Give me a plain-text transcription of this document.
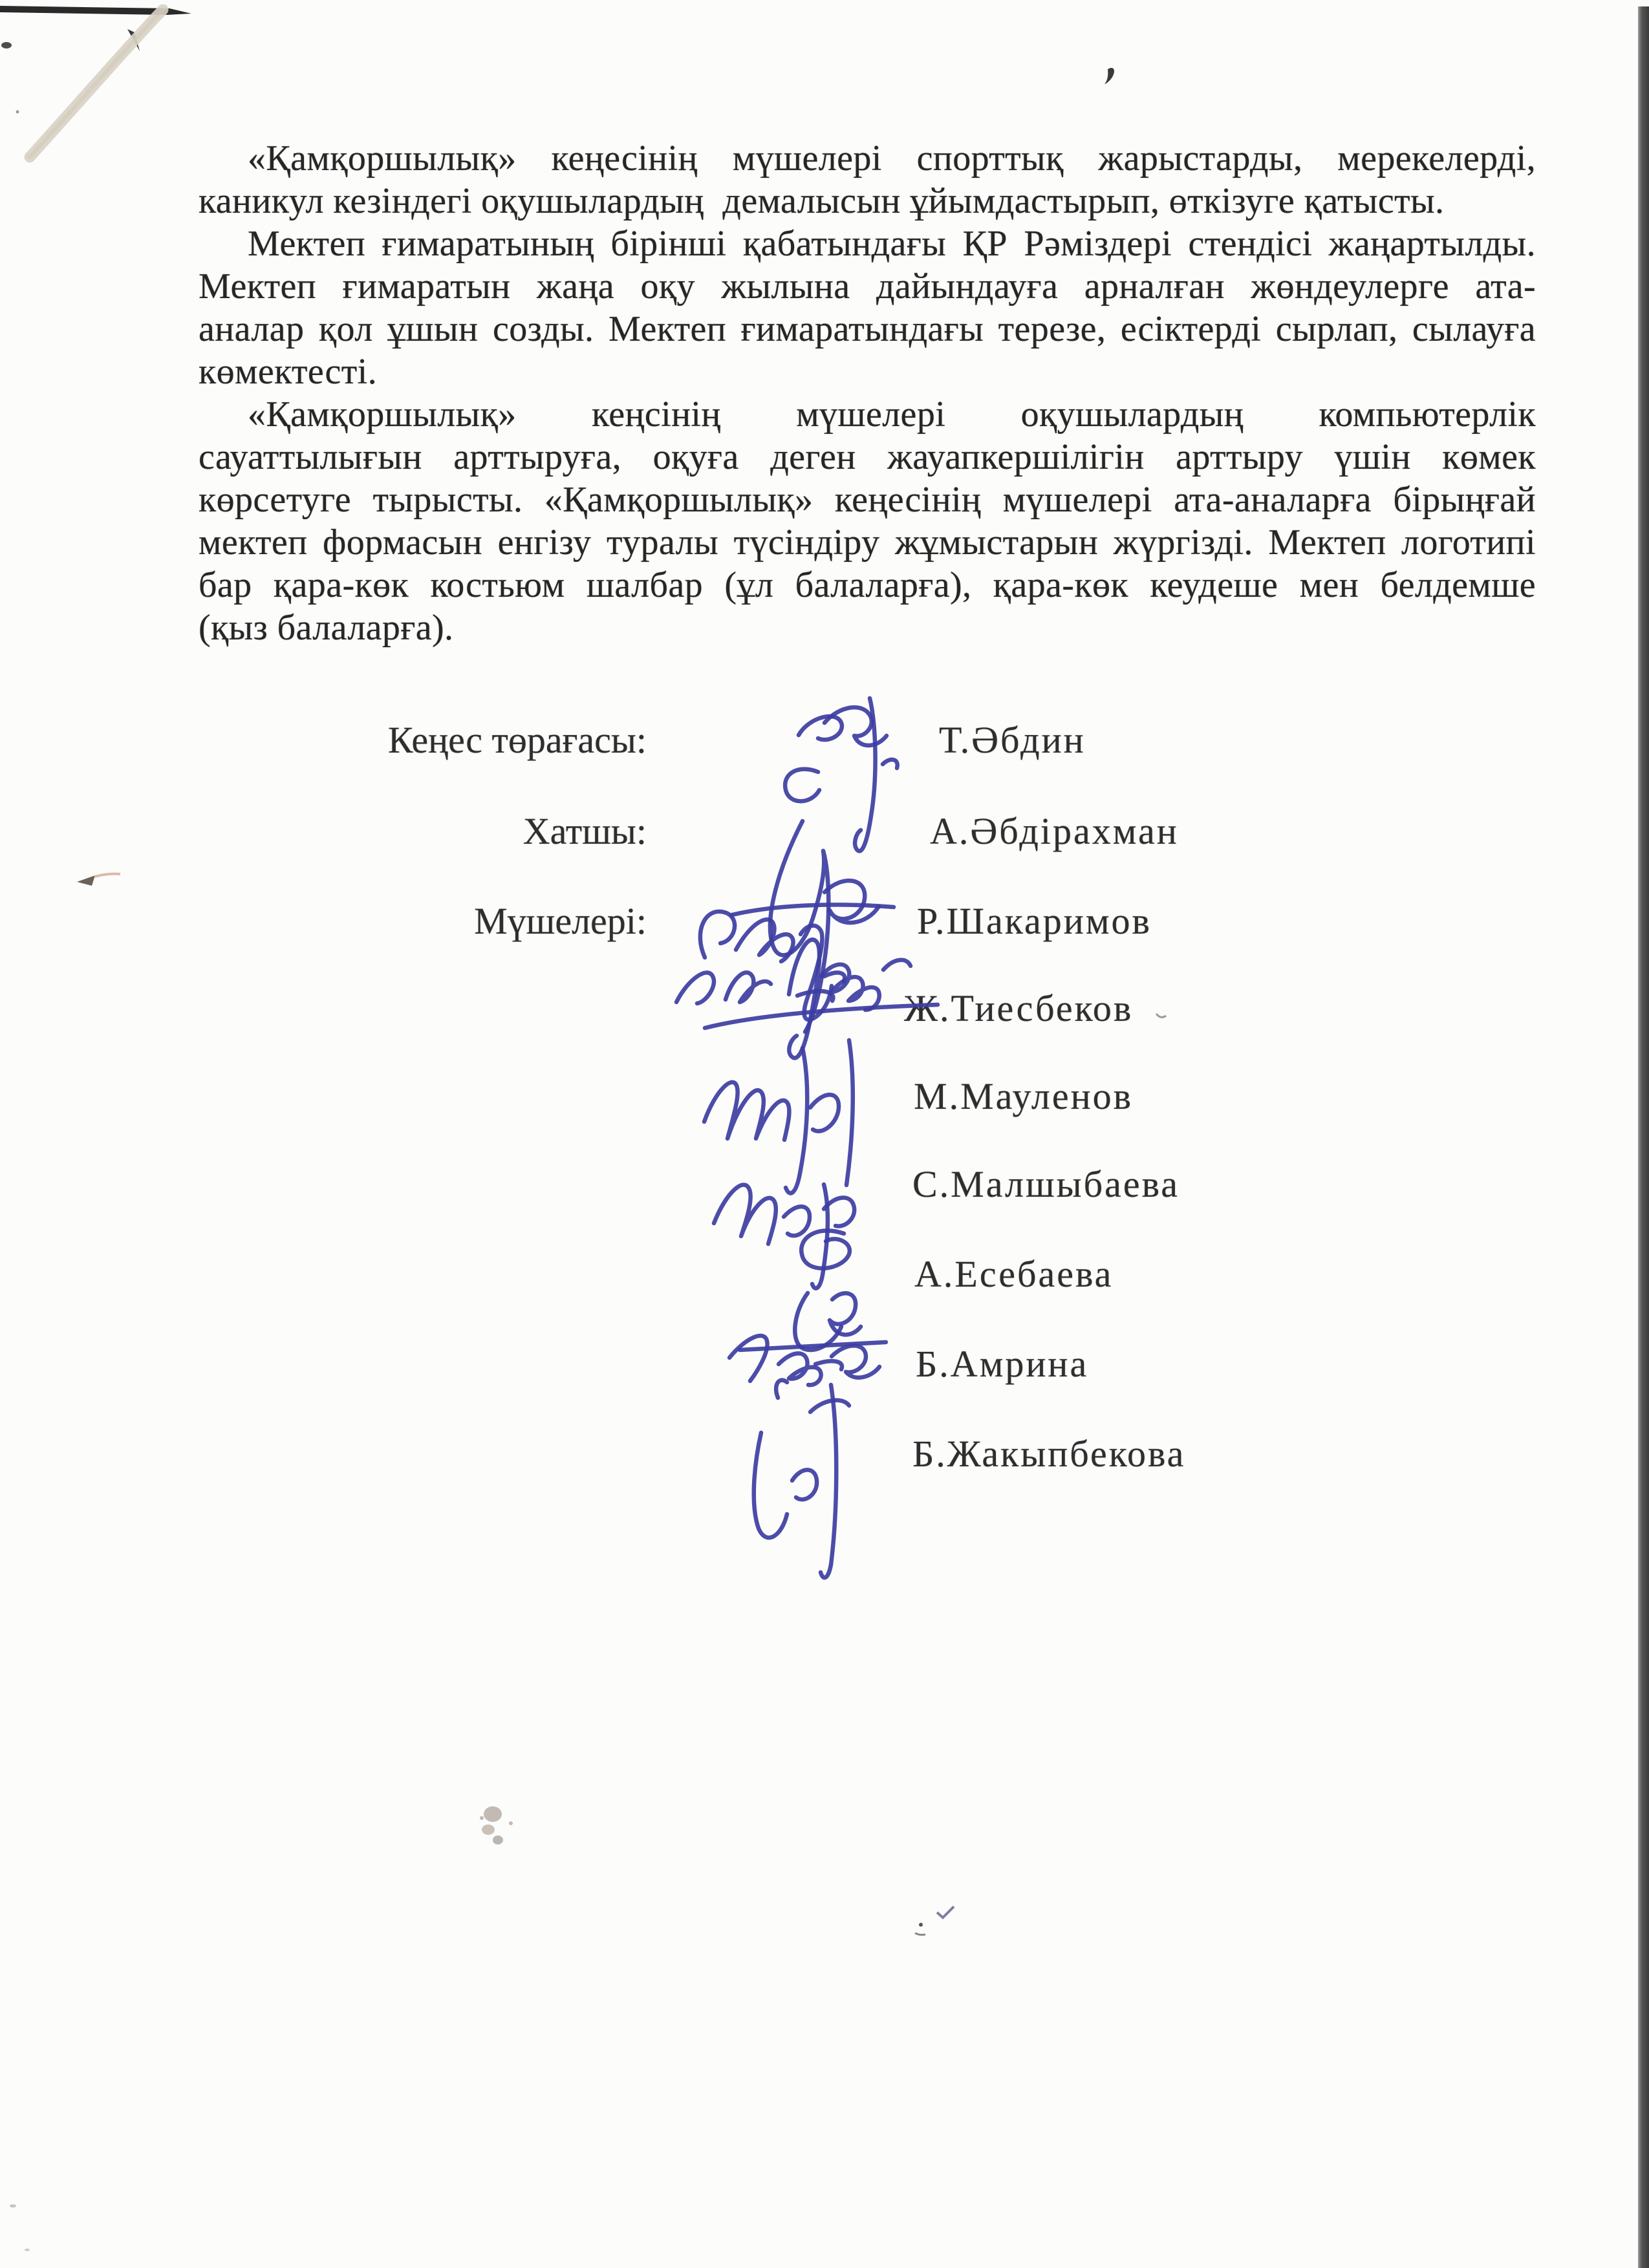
«Қамқоршылық» кеңесінің мүшелері спорттық жарыстарды, мерекелерді,
каникул кезіндегі оқушылардың  демалысын ұйымдастырып, өткізуге қатысты.
Мектеп ғимаратының бірінші қабатындағы ҚР Рәміздері стендісі жаңартылды.
Мектеп ғимаратын жаңа оқу жылына дайындауға арналған жөндеулерге ата-
аналар қол ұшын созды. Мектеп ғимаратындағы терезе, есіктерді сырлап, сылауға
көмектесті.
«Қамқоршылық» кеңсінің мүшелері оқушылардың компьютерлік
сауаттылығын арттыруға, оқуға деген жауапкершілігін арттыру үшін көмек
көрсетуге тырысты. «Қамқоршылық» кеңесінің мүшелері ата-аналарға бірыңғай
мектеп формасын енгізу туралы түсіндіру жұмыстарын жүргізді. Мектеп логотипі
бар қара-көк костьюм шалбар (ұл балаларға), қара-көк кеудеше мен белдемше
(қыз балаларға).
Кеңес төрағасы:
Хатшы:
Мүшелері:
Т.Әбдин
А.Әбдірахман
Р.Шакаримов
Ж.Тиесбеков
М.Мауленов
С.Малшыбаева
А.Есебаева
Б.Амрина
Б.Жакыпбекова
